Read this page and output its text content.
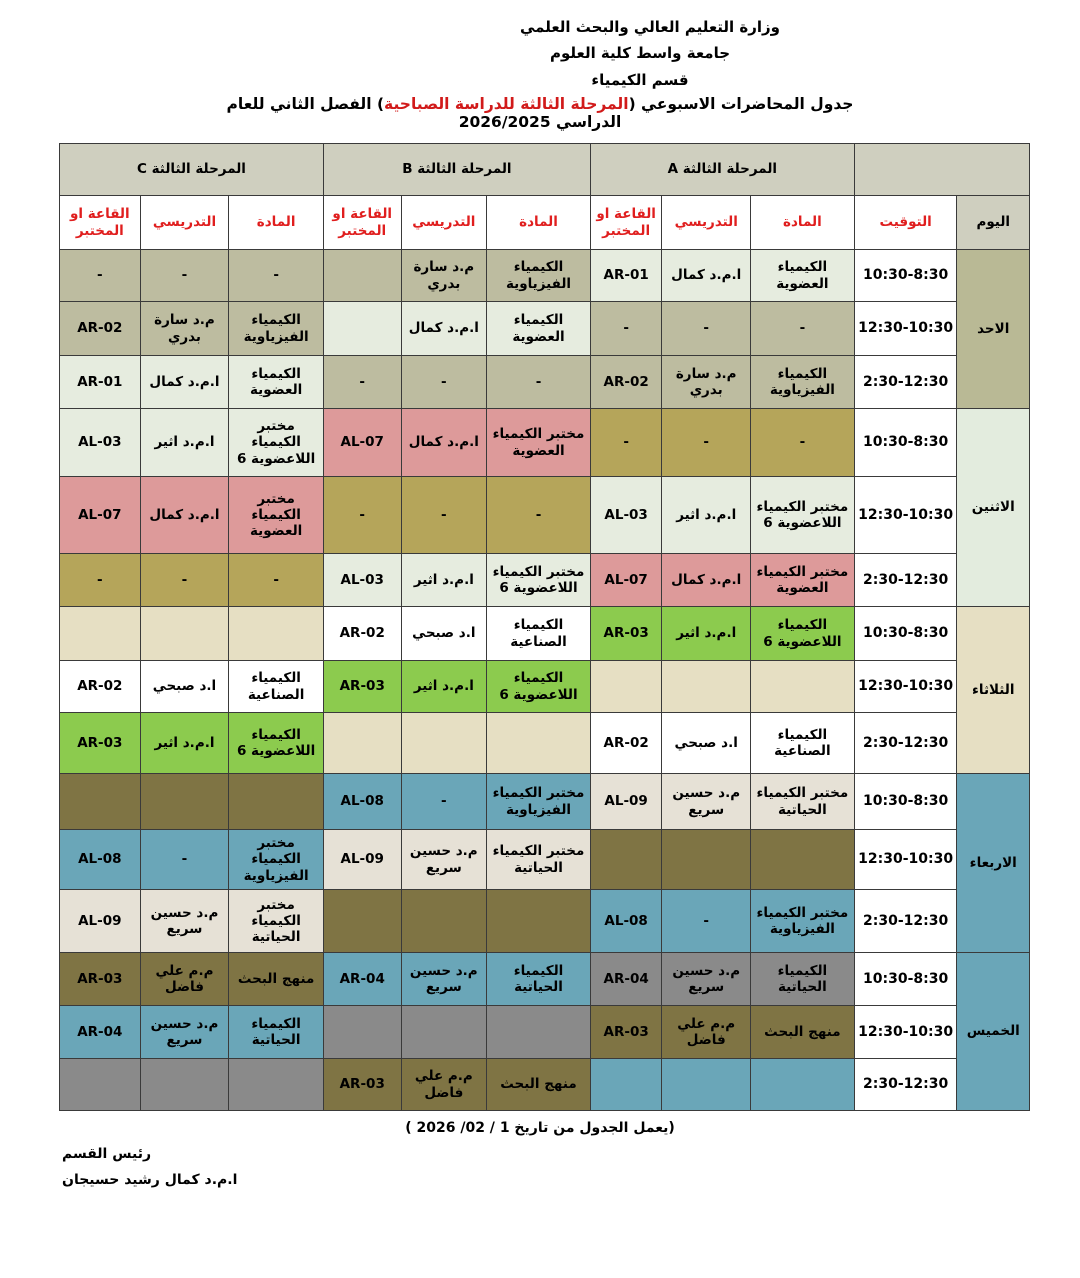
وزارة التعليم العالي والبحث العلمي
جامعة واسط كلية العلوم
قسم الكيمياء
جدول المحاضرات الاسبوعي (المرحلة الثالثة للدراسة الصباحية) الفصل الثاني للعام الدراسي 2026/2025
		المرحلة الثالثة A			المرحلة الثالثة B			المرحلة الثالثة C		
اليوم	التوقيت	المادة	التدريسي	القاعة او المختبر	المادة	التدريسي	القاعة او المختبر	المادة	التدريسي	القاعة او المختبر
الاحد	10:30-8:30	الكيمياء العضوية	ا.م.د كمال	AR-01	الكيمياء الفيزياوية	م.د سارة بدري		-	-	-
	12:30-10:30	-	-	-	الكيمياء العضوية	ا.م.د كمال		الكيمياء الفيزياوية	م.د سارة بدري	AR-02
	2:30-12:30	الكيمياء الفيزياوية	م.د سارة بدري	AR-02	-	-	-	الكيمياء العضوية	ا.م.د كمال	AR-01
الاثنين	10:30-8:30	-	-	-	مختبر الكيمياء العضوية	ا.م.د كمال	AL-07	مختبر الكيمياء اللاعضوية 6	ا.م.د اثير	AL-03
	12:30-10:30	مختبر الكيمياء اللاعضوية 6	ا.م.د اثير	AL-03	-	-	-	مختبر الكيمياء العضوية	ا.م.د كمال	AL-07
	2:30-12:30	مختبر الكيمياء العضوية	ا.م.د كمال	AL-07	مختبر الكيمياء اللاعضوية 6	ا.م.د اثير	AL-03	-	-	-
الثلاثاء	10:30-8:30	الكيمياء اللاعضوية 6	ا.م.د اثير	AR-03	الكيمياء الصناعية	ا.د صبحي	AR-02			
	12:30-10:30				الكيمياء اللاعضوية 6	ا.م.د اثير	AR-03	الكيمياء الصناعية	ا.د صبحي	AR-02
	2:30-12:30	الكيمياء الصناعية	ا.د صبحي	AR-02				الكيمياء اللاعضوية 6	ا.م.د اثير	AR-03
الاربعاء	10:30-8:30	مختبر الكيمياء الحياتية	م.د حسين سريع	AL-09	مختبر الكيمياء الفيزياوية	-	AL-08			
	12:30-10:30				مختبر الكيمياء الحياتية	م.د حسين سريع	AL-09	مختبر الكيمياء الفيزياوية	-	AL-08
	2:30-12:30	مختبر الكيمياء الفيزياوية	-	AL-08				مختبر الكيمياء الحياتية	م.د حسين سريع	AL-09
الخميس	10:30-8:30	الكيمياء الحياتية	م.د حسين سريع	AR-04	الكيمياء الحياتية	م.د حسين سريع	AR-04	منهج البحث	م.م علي فاضل	AR-03
	12:30-10:30	منهج البحث	م.م علي فاضل	AR-03				الكيمياء الحياتية	م.د حسين سريع	AR-04
	2:30-12:30				منهج البحث	م.م علي فاضل	AR-03			
(يعمل الجدول من تاريخ 1 / 02/ 2026 )
رئيس القسم
ا.م.د كمال رشيد حسيجان
